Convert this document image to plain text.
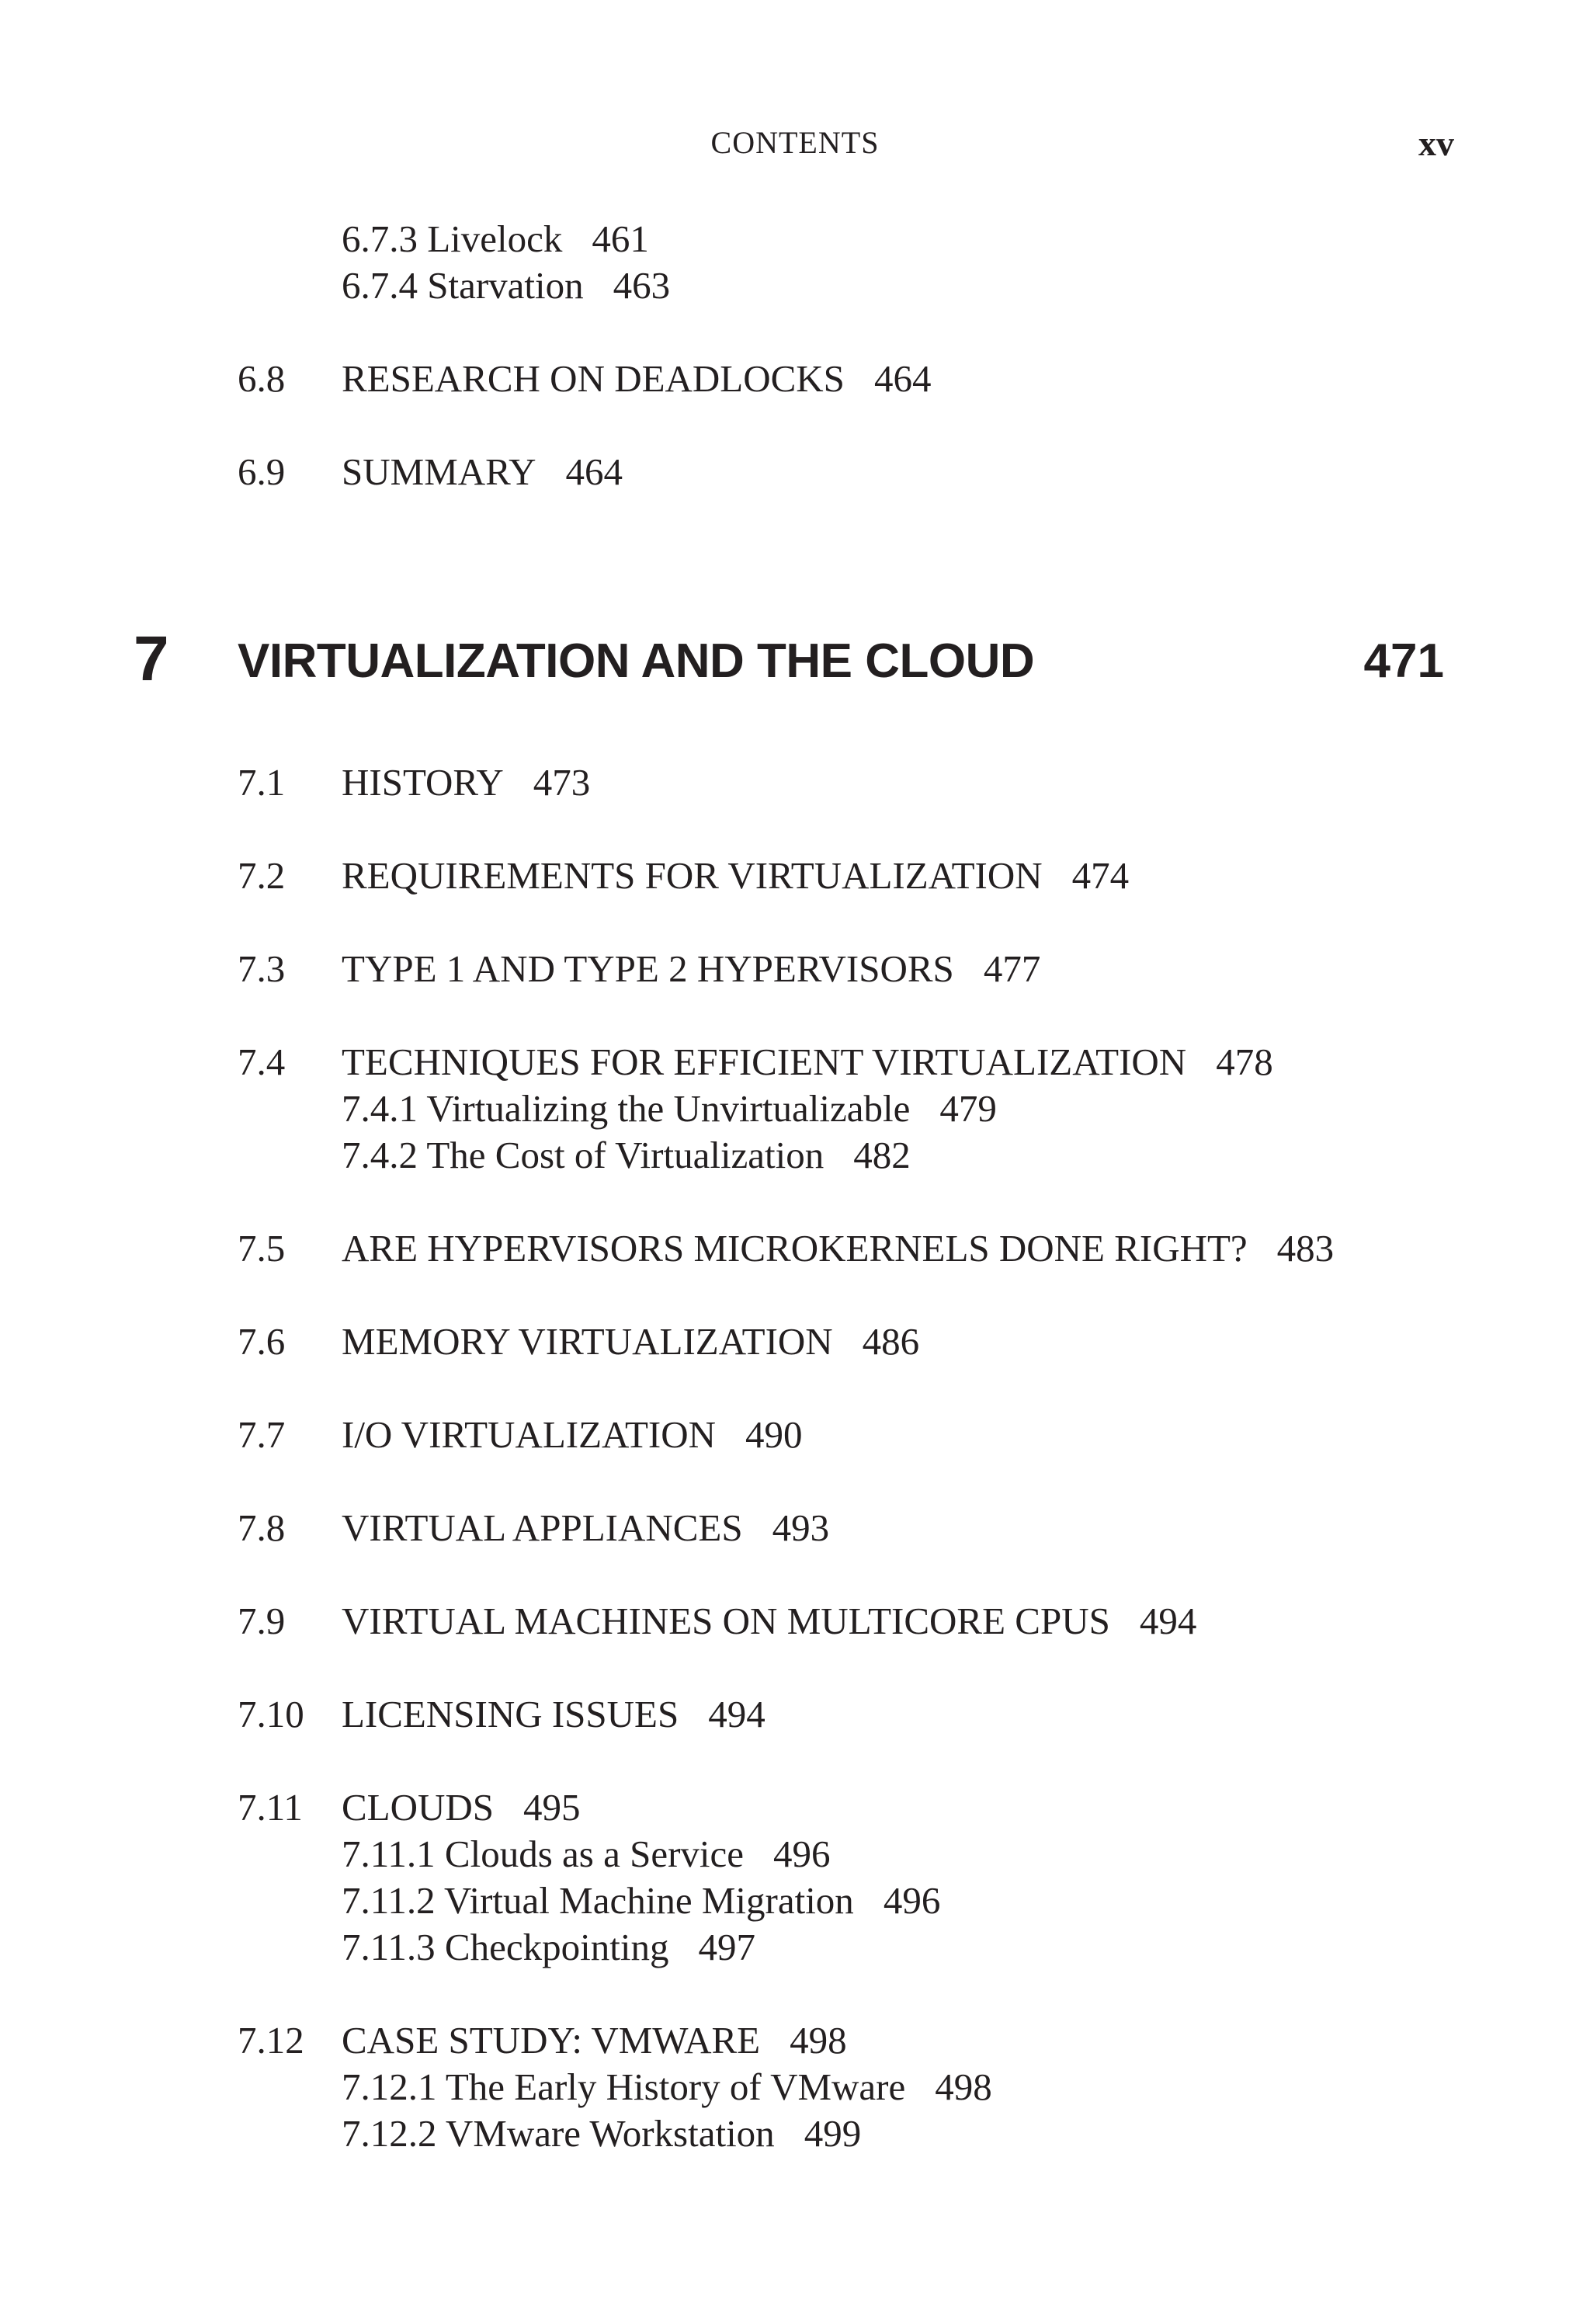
CONTENTS	xv
6.7.3 Livelock 461
6.7.4 Starvation 463
6.8 RESEARCH ON DEADLOCKS 464
6.9 SUMMARY 464
7 VIRTUALIZATION AND THE CLOUD	471
7.1 HISTORY 473
7.2 REQUIREMENTS FOR VIRTUALIZATION 474
7.3 TYPE 1 AND TYPE 2 HYPERVISORS 477
7.4 TECHNIQUES FOR EFFICIENT VIRTUALIZATION 478
7.4.1 Virtualizing the Unvirtualizable 479
7.4.2 The Cost of Virtualization 482
7.5 ARE HYPERVISORS MICROKERNELS DONE RIGHT? 483
7.6 MEMORY VIRTUALIZATION 486
7.7 I/O VIRTUALIZATION 490
7.8 VIRTUAL APPLIANCES 493
7.9 VIRTUAL MACHINES ON MULTICORE CPUS 494
7.10 LICENSING ISSUES 494
7.11 CLOUDS 495
7.11.1 Clouds as a Service 496
7.11.2 Virtual Machine Migration 496
7.11.3 Checkpointing 497
7.12 CASE STUDY: VMWARE 498
7.12.1 The Early History of VMware 498
7.12.2 VMware Workstation 499
